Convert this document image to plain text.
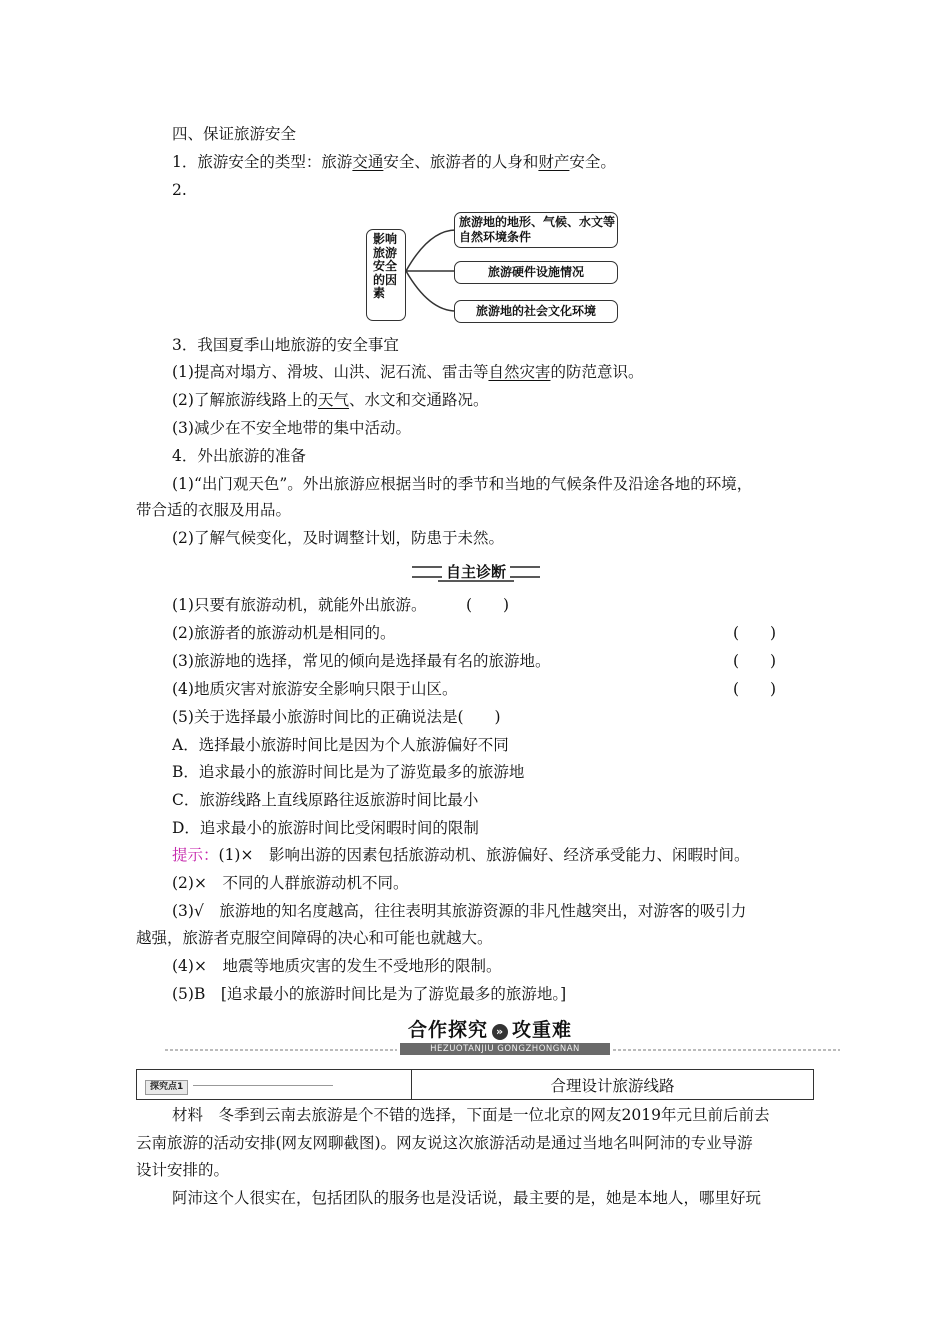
四、保证旅游安全
1．旅游安全的类型：旅游交通安全、旅游者的人身和财产安全。
2.
影响旅游安全的因素
旅游地的地形、气候、水文等自然环境条件
旅游硬件设施情况
旅游地的社会文化环境
3．我国夏季山地旅游的安全事宜
(1)提高对塌方、滑坡、山洪、泥石流、雷击等自然灾害的防范意识。
(2)了解旅游线路上的天气、水文和交通路况。
(3)减少在不安全地带的集中活动。
4．外出旅游的准备
(1)“出门观天色”。外出旅游应根据当时的季节和当地的气候条件及沿途各地的环境，
带合适的衣服及用品。
(2)了解气候变化，及时调整计划，防患于未然。
自主诊断
(1)只要有旅游动机，就能外出旅游。	(　　)
(2)旅游者的旅游动机是相同的。	(　　)
(3)旅游地的选择，常见的倾向是选择最有名的旅游地。	(　　)
(4)地质灾害对旅游安全影响只限于山区。	(　　)
(5)关于选择最小旅游时间比的正确说法是(　　)
A．选择最小旅游时间比是因为个人旅游偏好不同
B．追求最小的旅游时间比是为了游览最多的旅游地
C．旅游线路上直线原路往返旅游时间比最小
D．追求最小的旅游时间比受闲暇时间的限制
提示：(1)×　影响出游的因素包括旅游动机、旅游偏好、经济承受能力、闲暇时间。
(2)×　不同的人群旅游动机不同。
(3)√　旅游地的知名度越高，往往表明其旅游资源的非凡性越突出，对游客的吸引力
越强，旅游者克服空间障碍的决心和可能也就越大。
(4)×　地震等地质灾害的发生不受地形的限制。
(5)B　[追求最小的旅游时间比是为了游览最多的旅游地。]
合作探究 » 攻重难
HEZUOTANJIU GONGZHONGNAN
探究点1	合理设计旅游线路
材料　冬季到云南去旅游是个不错的选择，下面是一位北京的网友2019年元旦前后前去
云南旅游的活动安排(网友网聊截图)。网友说这次旅游活动是通过当地名叫阿沛的专业导游
设计安排的。
阿沛这个人很实在，包括团队的服务也是没话说，最主要的是，她是本地人，哪里好玩
